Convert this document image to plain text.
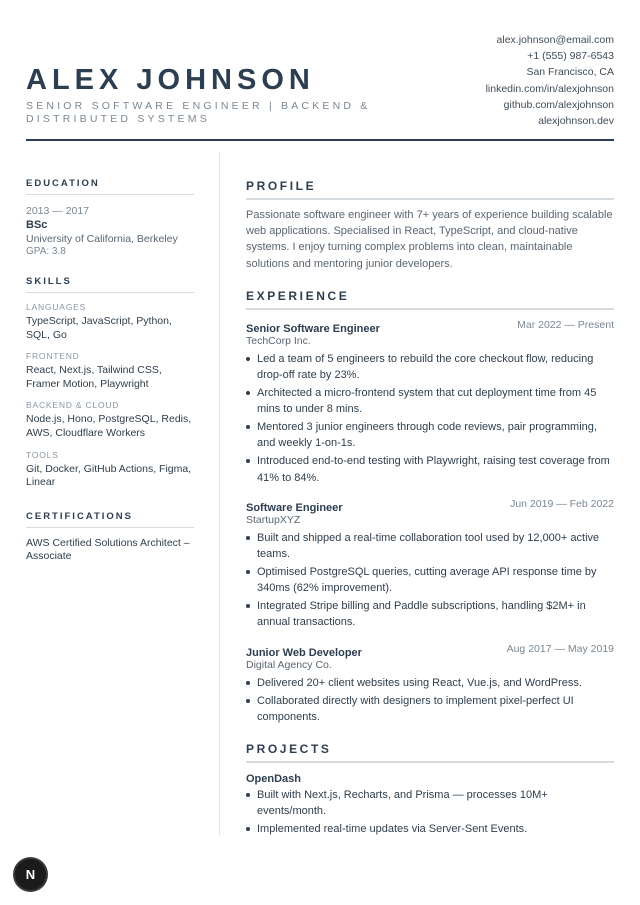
ALEX JOHNSON
SENIOR SOFTWARE ENGINEER | BACKEND & DISTRIBUTED SYSTEMS
alex.johnson@email.com
+1 (555) 987-6543
San Francisco, CA
linkedin.com/in/alexjohnson
github.com/alexjohnson
alexjohnson.dev
EDUCATION
2013 — 2017
BSc
University of California, Berkeley
GPA: 3.8
SKILLS
LANGUAGES
TypeScript, JavaScript, Python, SQL, Go
FRONTEND
React, Next.js, Tailwind CSS, Framer Motion, Playwright
BACKEND & CLOUD
Node.js, Hono, PostgreSQL, Redis, AWS, Cloudflare Workers
TOOLS
Git, Docker, GitHub Actions, Figma, Linear
CERTIFICATIONS
AWS Certified Solutions Architect – Associate
PROFILE
Passionate software engineer with 7+ years of experience building scalable web applications. Specialised in React, TypeScript, and cloud-native systems. I enjoy turning complex problems into clean, maintainable solutions and mentoring junior developers.
EXPERIENCE
Senior Software Engineer	Mar 2022 — Present
TechCorp Inc.
Led a team of 5 engineers to rebuild the core checkout flow, reducing drop-off rate by 23%.
Architected a micro-frontend system that cut deployment time from 45 mins to under 8 mins.
Mentored 3 junior engineers through code reviews, pair programming, and weekly 1-on-1s.
Introduced end-to-end testing with Playwright, raising test coverage from 41% to 84%.
Software Engineer	Jun 2019 — Feb 2022
StartupXYZ
Built and shipped a real-time collaboration tool used by 12,000+ active teams.
Optimised PostgreSQL queries, cutting average API response time by 340ms (62% improvement).
Integrated Stripe billing and Paddle subscriptions, handling $2M+ in annual transactions.
Junior Web Developer	Aug 2017 — May 2019
Digital Agency Co.
Delivered 20+ client websites using React, Vue.js, and WordPress.
Collaborated directly with designers to implement pixel-perfect UI components.
PROJECTS
OpenDash
Built with Next.js, Recharts, and Prisma — processes 10M+ events/month.
Implemented real-time updates via Server-Sent Events.
N
